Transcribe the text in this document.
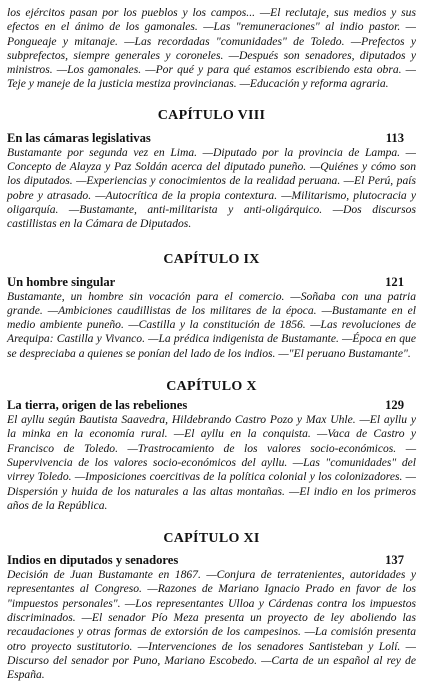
los ejércitos pasan por los pueblos y los campos... —El reclutaje, sus medios y sus efectos en el ánimo de los gamonales. —Las "remuneraciones" al indio pastor. —Pongueaje y mitanaje. —Las recordadas "comunidades" de Toledo. —Prefectos y subprefectos, siempre generales y coroneles. —Después son senadores, diputados y ministros. —Los gamonales. —Por qué y para qué estamos escribiendo esta obra. —Teje y maneje de la justicia mestiza provincianas. —Educación y reforma agraria.

CAPÍTULO VIII
En las cámaras legislativas	113

Bustamante por segunda vez en Lima. —Diputado por la provincia de Lampa. —Concepto de Alayza y Paz Soldán acerca del diputado puneño. —Quiénes y cómo son los diputados. —Experiencias y conocimientos de la realidad peruana. —El Perú, país pobre y atrasado. —Autocrítica de la propia contextura. —Militarismo, plutocracia y oligarquía. —Bustamante, anti-militarista y anti-oligárquico. —Dos discursos castillistas en la Cámara de Diputados.

CAPÍTULO IX
Un hombre singular	121

Bustamante, un hombre sin vocación para el comercio. —Soñaba con una patria grande. —Ambiciones caudillistas de los militares de la época. —Bustamante en el medio ambiente puneño. —Castilla y la constitución de 1856. —Las revoluciones de Arequipa: Castilla y Vivanco. —La prédica indigenista de Bustamante. —Época en que se despreciaba a quienes se ponían del lado de los indios. —"El peruano Bustamante".

CAPÍTULO X
La tierra, origen de las rebeliones	129

El ayllu según Bautista Saavedra, Hildebrando Castro Pozo y Max Uhle. —El ayllu y la minka en la economía rural. —El ayllu en la conquista. —Vaca de Castro y Francisco de Toledo. —Trastrocamiento de los valores socio-económicos. —Supervivencia de los valores socio-económicos del ayllu. —Las "comunidades" del virrey Toledo. —Imposiciones coercitivas de la política colonial y los colonizadores. —Dispersión y huida de los naturales a las altas montañas. —El indio en los primeros años de la República.

CAPÍTULO XI
Indios en diputados y senadores	137

Decisión de Juan Bustamante en 1867. —Conjura de terratenientes, autoridades y representantes al Congreso. —Razones de Mariano Ignacio Prado en favor de los "impuestos personales". —Los representantes Ulloa y Cárdenas contra los impuestos discriminados. —El senador Pío Meza presenta un proyecto de ley aboliendo las recaudaciones y otras formas de extorsión de los campesinos. —La comisión presenta otro proyecto sustitutorio. —Intervenciones de los senadores Santisteban y Lolí. —Discurso del senador por Puno, Mariano Escobedo. —Carta de un español al rey de España.
